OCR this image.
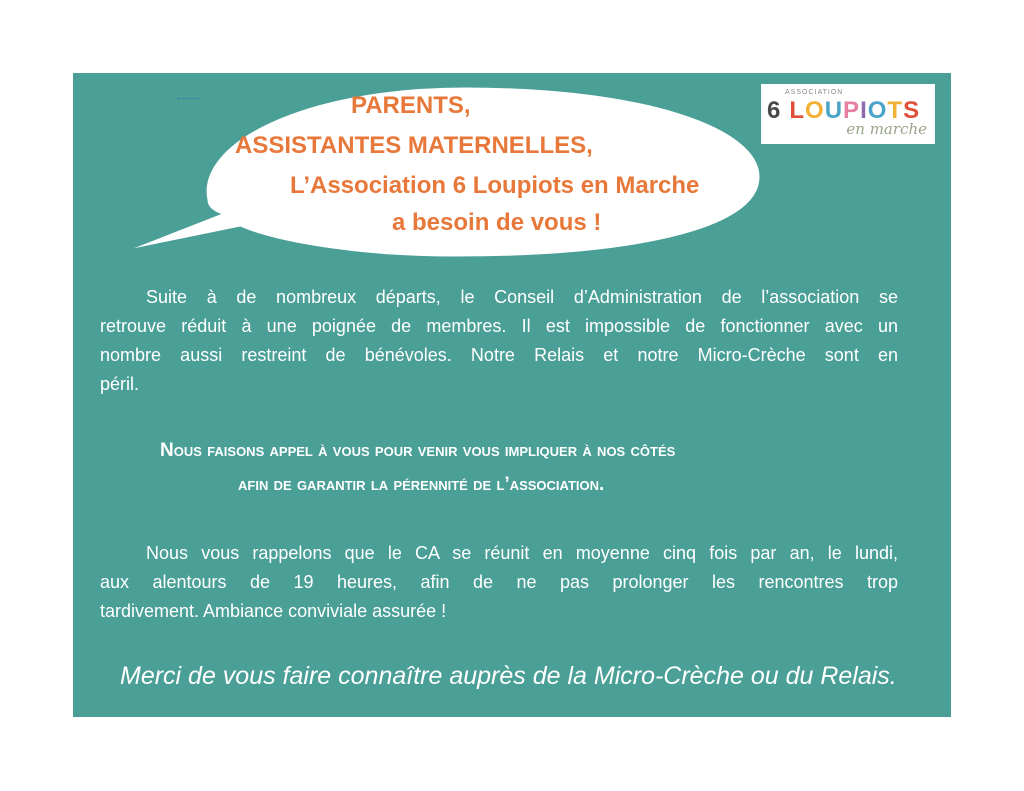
PARENTS,
ASSISTANTES MATERNELLES,
L’Association 6 Loupiots en Marche
a besoin de vous !
ASSOCIATION
6 LOUPIOTS
en marche
Suite à de nombreux départs, le Conseil d’Administration de l’association se
retrouve réduit à une poignée de membres. Il est impossible de fonctionner avec un
nombre aussi restreint de bénévoles. Notre Relais et notre Micro-Crèche sont en
péril.
Nous faisons appel à vous pour venir vous impliquer à nos côtés
afin de garantir la pérennité de l’association.
Nous vous rappelons que le CA se réunit en moyenne cinq fois par an, le lundi,
aux alentours de 19 heures, afin de ne pas prolonger les rencontres trop
tardivement. Ambiance conviviale assurée !
Merci de vous faire connaître auprès de la Micro-Crèche ou du Relais.
